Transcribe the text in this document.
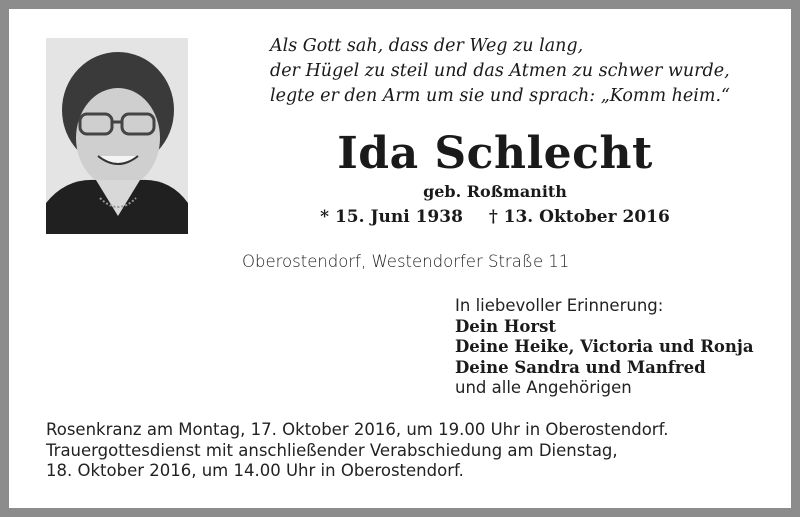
Als Gott sah, dass der Weg zu lang,
der Hügel zu steil und das Atmen zu schwer wurde,
legte er den Arm um sie und sprach: „Komm heim.“
Ida Schlecht
geb. Roßmanith
* 15. Juni 1938 † 13. Oktober 2016
Oberostendorf, Westendorfer Straße 11
In liebevoller Erinnerung:
Dein Horst
Deine Heike, Victoria und Ronja
Deine Sandra und Manfred
und alle Angehörigen
Rosenkranz am Montag, 17. Oktober 2016, um 19.00 Uhr in Oberostendorf.
Trauergottesdienst mit anschließender Verabschiedung am Dienstag,
18. Oktober 2016, um 14.00 Uhr in Oberostendorf.
